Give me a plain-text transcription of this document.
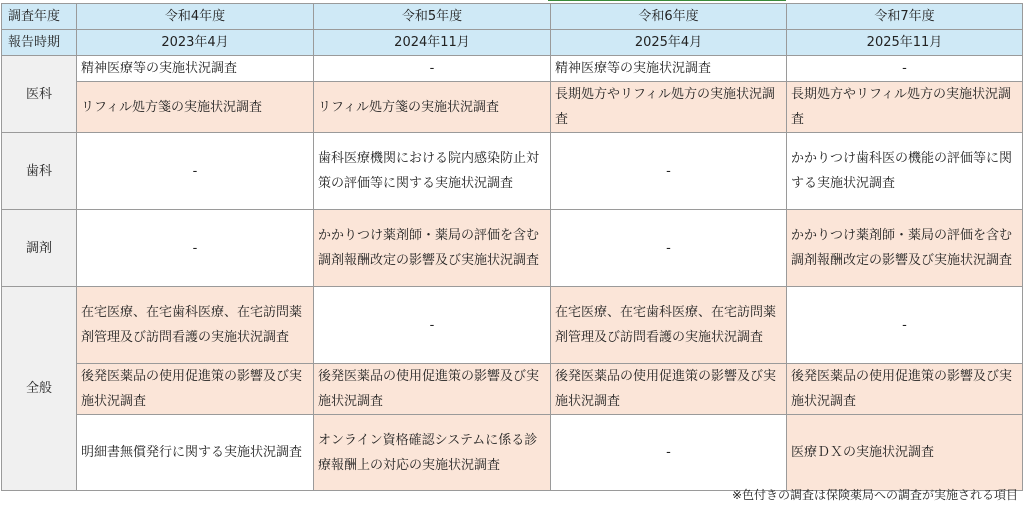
調査年度	令和4年度	令和5年度	令和6年度	令和7年度
報告時期	2023年4月	2024年11月	2025年4月	2025年11月
医科	精神医療等の実施状況調査	-	精神医療等の実施状況調査	-
	リフィル処方箋の実施状況調査	リフィル処方箋の実施状況調査	長期処方やリフィル処方の実施状況調査	長期処方やリフィル処方の実施状況調査
歯科	-	歯科医療機関における院内感染防止対策の評価等に関する実施状況調査	-	かかりつけ歯科医の機能の評価等に関する実施状況調査
調剤	-	かかりつけ薬剤師・薬局の評価を含む調剤報酬改定の影響及び実施状況調査	-	かかりつけ薬剤師・薬局の評価を含む調剤報酬改定の影響及び実施状況調査
全般	在宅医療、在宅歯科医療、在宅訪問薬剤管理及び訪問看護の実施状況調査	-	在宅医療、在宅歯科医療、在宅訪問薬剤管理及び訪問看護の実施状況調査	-
	後発医薬品の使用促進策の影響及び実施状況調査	後発医薬品の使用促進策の影響及び実施状況調査	後発医薬品の使用促進策の影響及び実施状況調査	後発医薬品の使用促進策の影響及び実施状況調査
	明細書無償発行に関する実施状況調査	オンライン資格確認システムに係る診療報酬上の対応の実施状況調査	-	医療ＤＸの実施状況調査
※色付きの調査は保険薬局への調査が実施される項目
